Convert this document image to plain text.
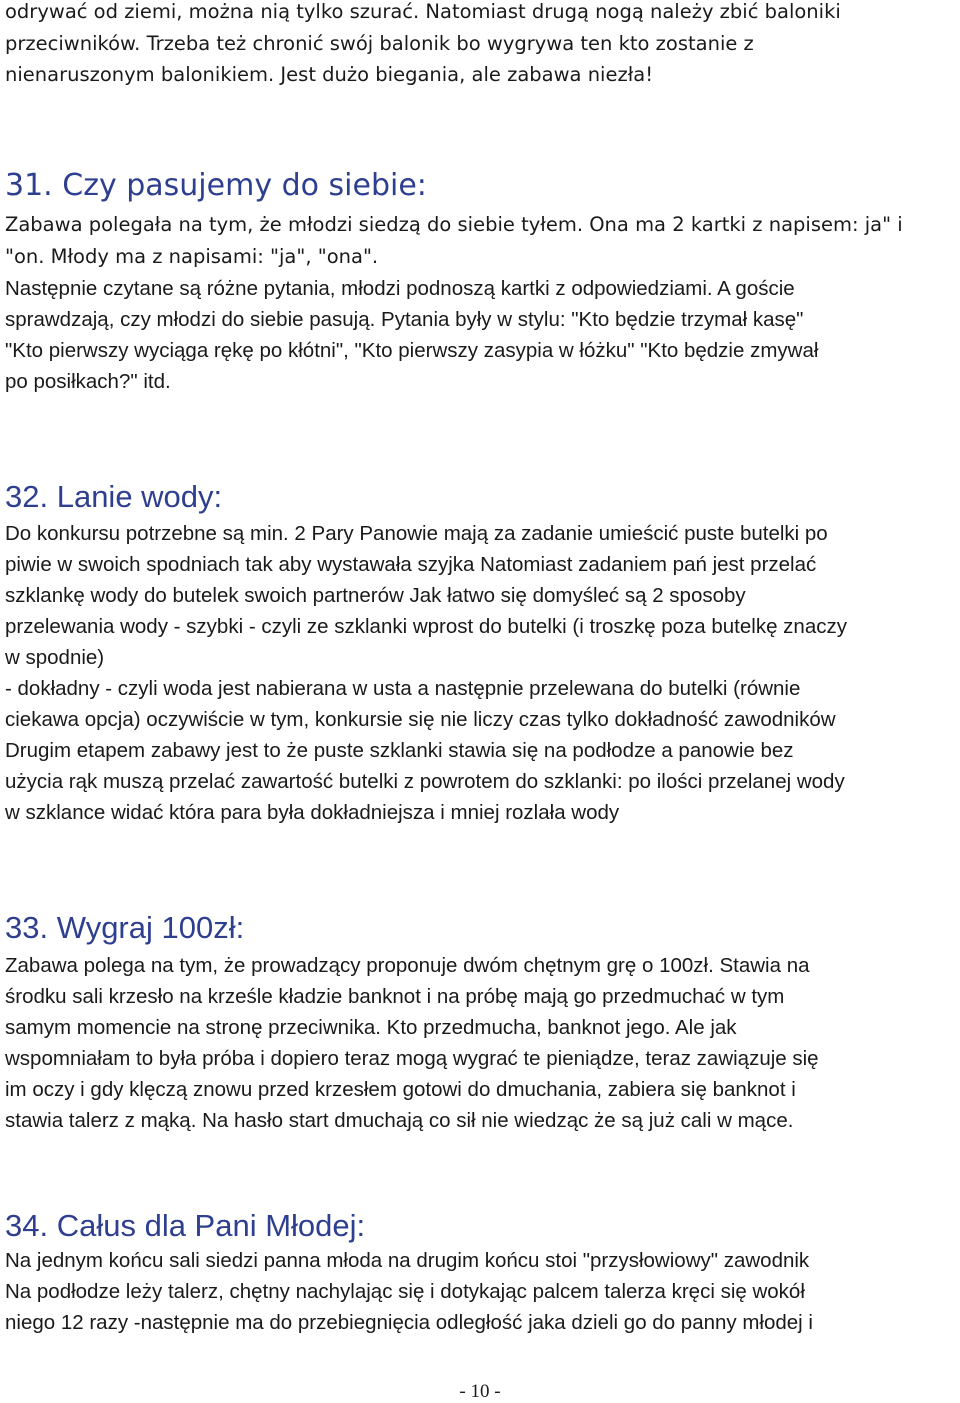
odrywać od ziemi, można nią tylko szurać. Natomiast drugą nogą należy zbić baloniki

przeciwników. Trzeba też chronić swój balonik bo wygrywa ten kto zostanie z

nienaruszonym balonikiem. Jest dużo biegania, ale zabawa niezła!

31. Czy pasujemy do siebie:

Zabawa polegała na tym, że młodzi siedzą do siebie tyłem. Ona ma 2 kartki z napisem: ja" i

"on. Młody ma z napisami: "ja", "ona".

Następnie czytane są różne pytania, młodzi podnoszą kartki z odpowiedziami. A goście

sprawdzają, czy młodzi do siebie pasują. Pytania były w stylu: "Kto będzie trzymał kasę"

"Kto pierwszy wyciąga rękę po kłótni", "Kto pierwszy zasypia w łóżku" "Kto będzie zmywał

po posiłkach?" itd.

32. Lanie wody:

Do konkursu potrzebne są min. 2 Pary Panowie mają za zadanie umieścić puste butelki po

piwie w swoich spodniach tak aby wystawała szyjka Natomiast zadaniem pań jest przelać

szklankę wody do butelek swoich partnerów Jak łatwo się domyśleć są 2 sposoby

przelewania wody - szybki - czyli ze szklanki wprost do butelki (i troszkę poza butelkę znaczy

w spodnie)

- dokładny - czyli woda jest nabierana w usta a następnie przelewana do butelki (równie

ciekawa opcja) oczywiście w tym, konkursie się nie liczy czas tylko dokładność zawodników

Drugim etapem zabawy jest to że puste szklanki stawia się na podłodze a panowie bez

użycia rąk muszą przelać zawartość butelki z powrotem do szklanki: po ilości przelanej wody

w szklance widać która para była dokładniejsza i mniej rozlała wody

33. Wygraj 100zł:

Zabawa polega na tym, że prowadzący proponuje dwóm chętnym grę o 100zł. Stawia na

środku sali krzesło na krześle kładzie banknot i na próbę mają go przedmuchać w tym

samym momencie na stronę przeciwnika. Kto przedmucha, banknot jego. Ale jak

wspomniałam to była próba i dopiero teraz mogą wygrać te pieniądze, teraz zawiązuje się

im oczy i gdy klęczą znowu przed krzesłem gotowi do dmuchania, zabiera się banknot i

stawia talerz z mąką. Na hasło start dmuchają co sił nie wiedząc że są już cali w mące.

34. Całus dla Pani Młodej:

Na jednym końcu sali siedzi panna młoda na drugim końcu stoi "przysłowiowy" zawodnik

Na podłodze leży talerz, chętny nachylając się i dotykając palcem talerza kręci się wokół

niego 12 razy -następnie ma do przebiegnięcia odległość jaka dzieli go do panny młodej i

- 10 -
